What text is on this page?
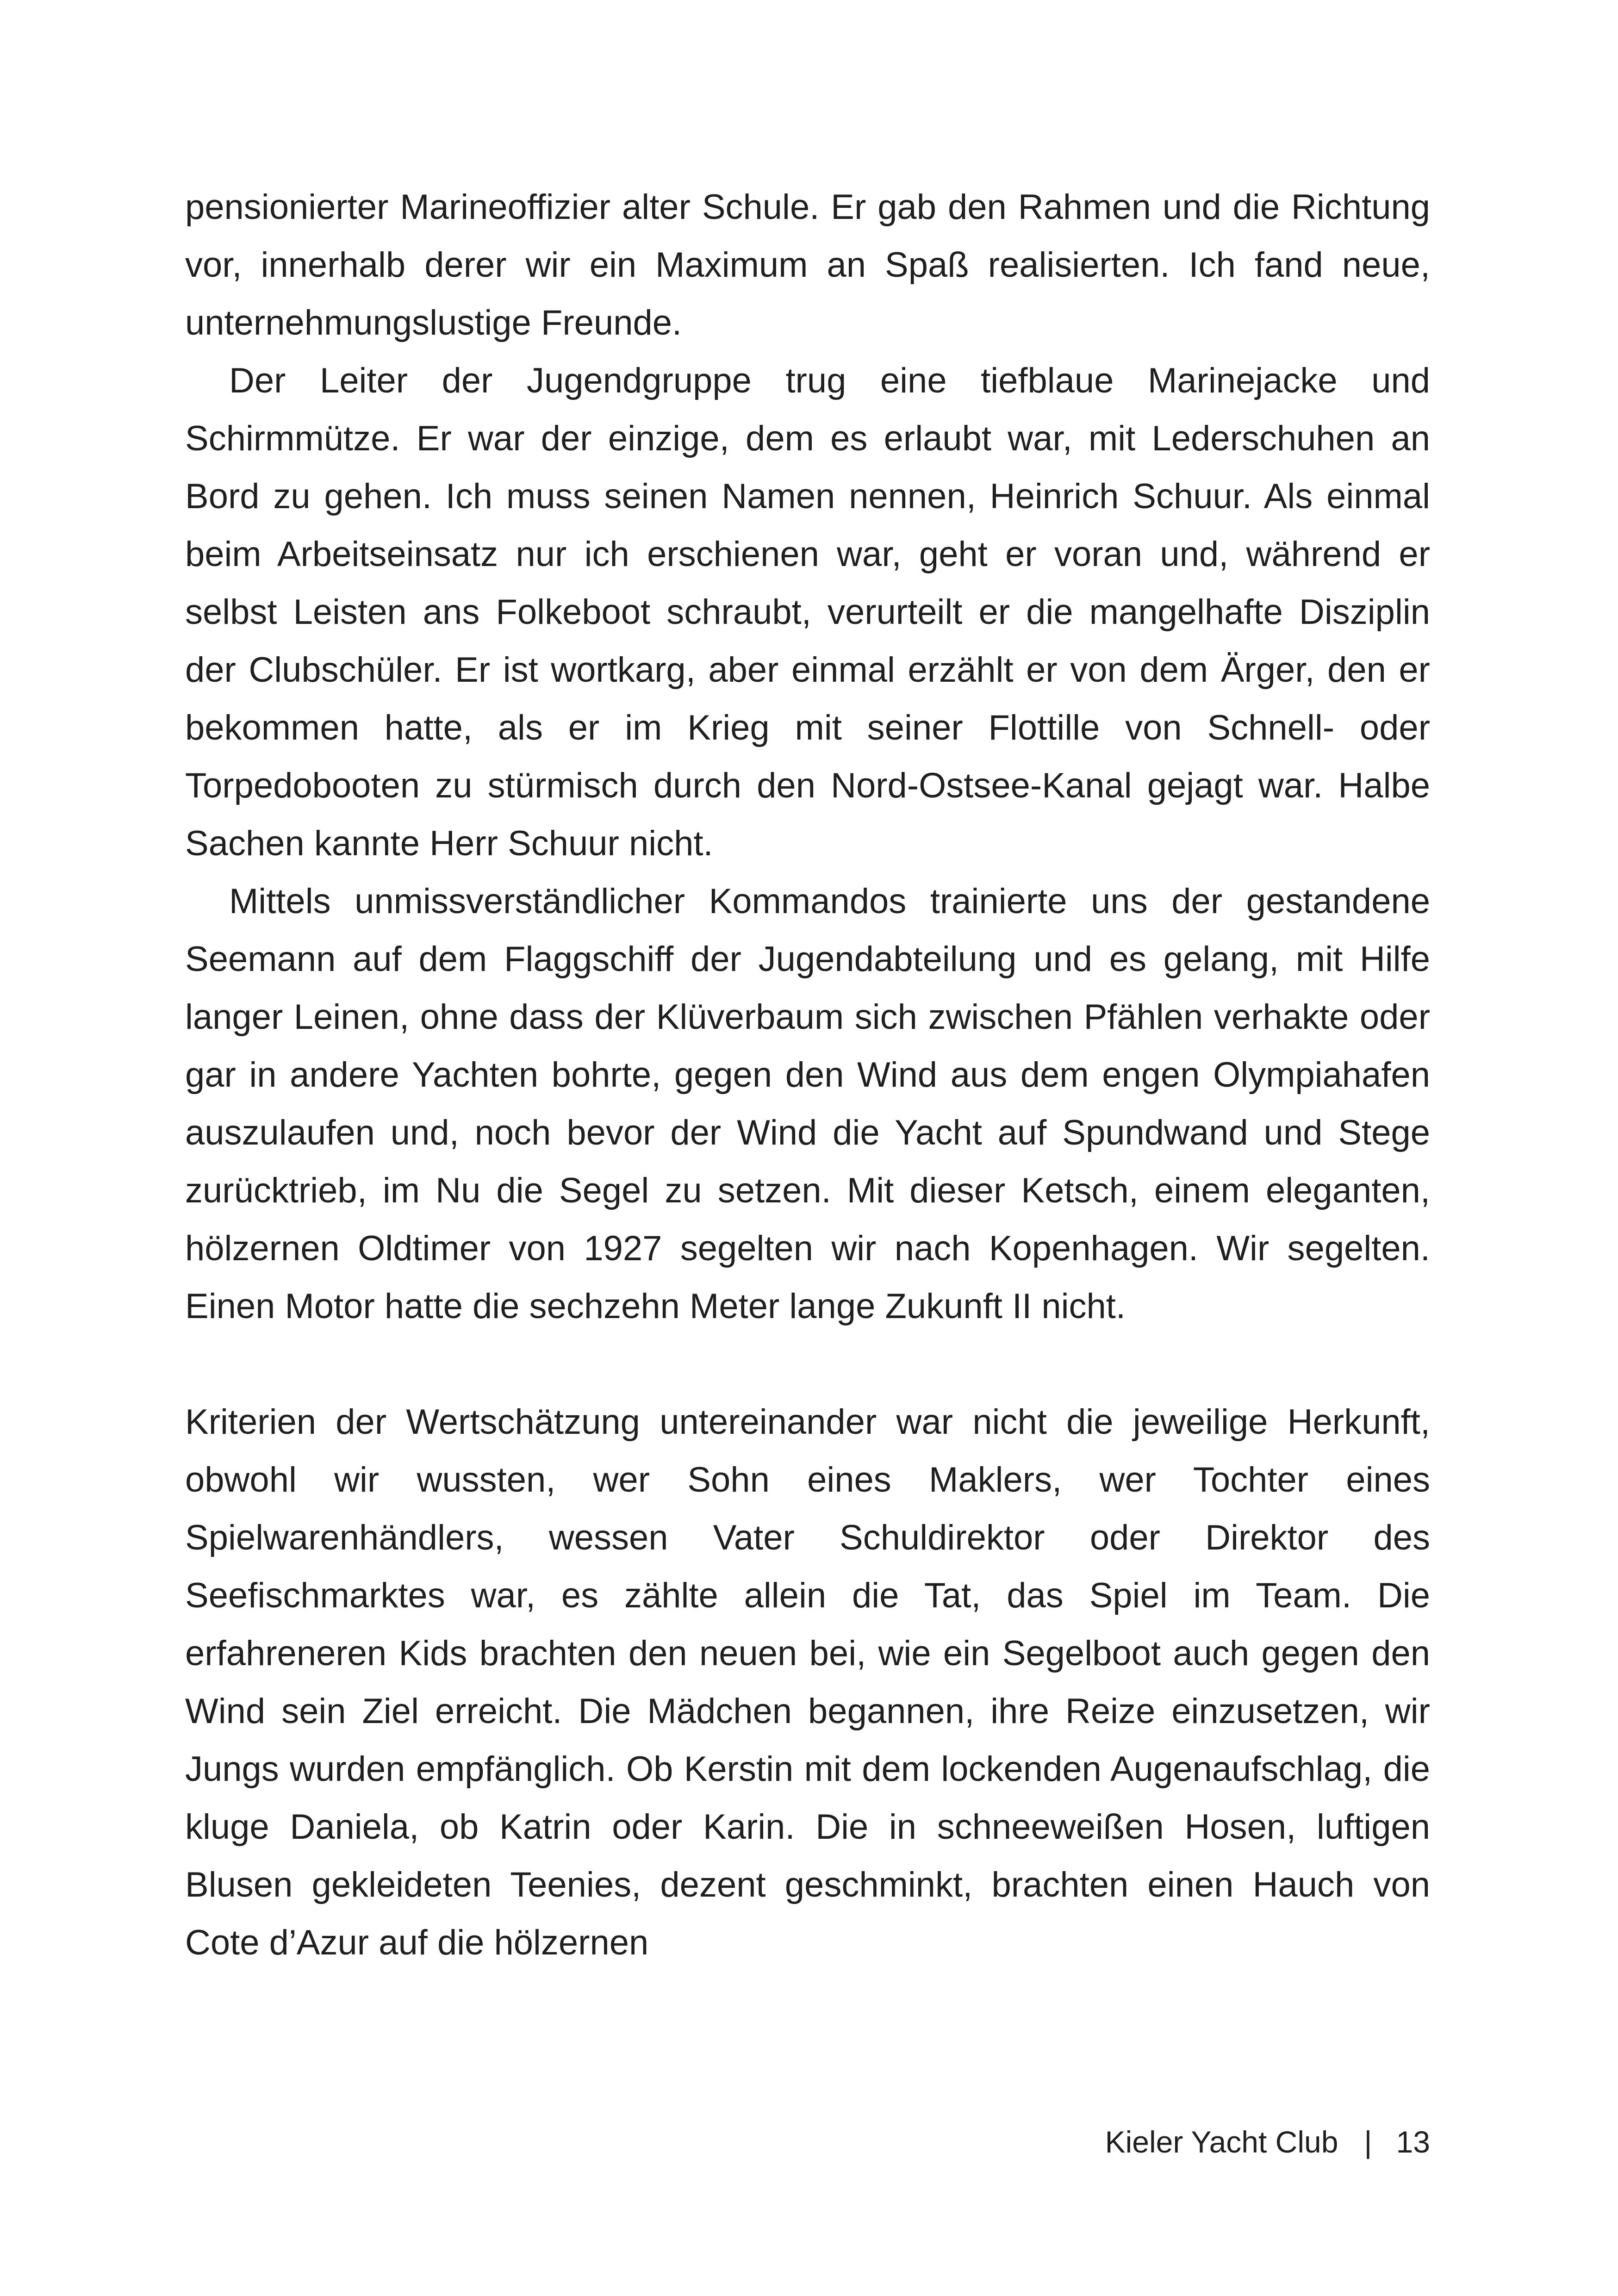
pensionierter Marineoffizier alter Schule. Er gab den Rahmen und die Richtung vor, innerhalb derer wir ein Maximum an Spaß realisierten. Ich fand neue, unternehmungslustige Freunde.

Der Leiter der Jugendgruppe trug eine tiefblaue Marinejacke und Schirmmütze. Er war der einzige, dem es erlaubt war, mit Lederschuhen an Bord zu gehen. Ich muss seinen Namen nennen, Heinrich Schuur. Als einmal beim Arbeitseinsatz nur ich erschienen war, geht er voran und, während er selbst Leisten ans Folkeboot schraubt, verurteilt er die mangelhafte Disziplin der Clubschüler. Er ist wortkarg, aber einmal erzählt er von dem Ärger, den er bekommen hatte, als er im Krieg mit seiner Flottille von Schnell- oder Torpedobooten zu stürmisch durch den Nord-Ostsee-Kanal gejagt war. Halbe Sachen kannte Herr Schuur nicht.

Mittels unmissverständlicher Kommandos trainierte uns der gestandene Seemann auf dem Flaggschiff der Jugendabteilung und es gelang, mit Hilfe langer Leinen, ohne dass der Klüverbaum sich zwischen Pfählen verhakte oder gar in andere Yachten bohrte, gegen den Wind aus dem engen Olympiahafen auszulaufen und, noch bevor der Wind die Yacht auf Spundwand und Stege zurücktrieb, im Nu die Segel zu setzen. Mit dieser Ketsch, einem eleganten, hölzernen Oldtimer von 1927 segelten wir nach Kopenhagen. Wir segelten. Einen Motor hatte die sechzehn Meter lange Zukunft II nicht.

Kriterien der Wertschätzung untereinander war nicht die jeweilige Herkunft, obwohl wir wussten, wer Sohn eines Maklers, wer Tochter eines Spielwarenhändlers, wessen Vater Schuldirektor oder Direktor des Seefischmarktes war, es zählte allein die Tat, das Spiel im Team. Die erfahreneren Kids brachten den neuen bei, wie ein Segelboot auch gegen den Wind sein Ziel erreicht. Die Mädchen begannen, ihre Reize einzusetzen, wir Jungs wurden empfänglich. Ob Kerstin mit dem lockenden Augenaufschlag, die kluge Daniela, ob Katrin oder Karin. Die in schneeweißen Hosen, luftigen Blusen gekleideten Teenies, dezent geschminkt, brachten einen Hauch von Cote d’Azur auf die hölzernen

Kieler Yacht Club | 13
